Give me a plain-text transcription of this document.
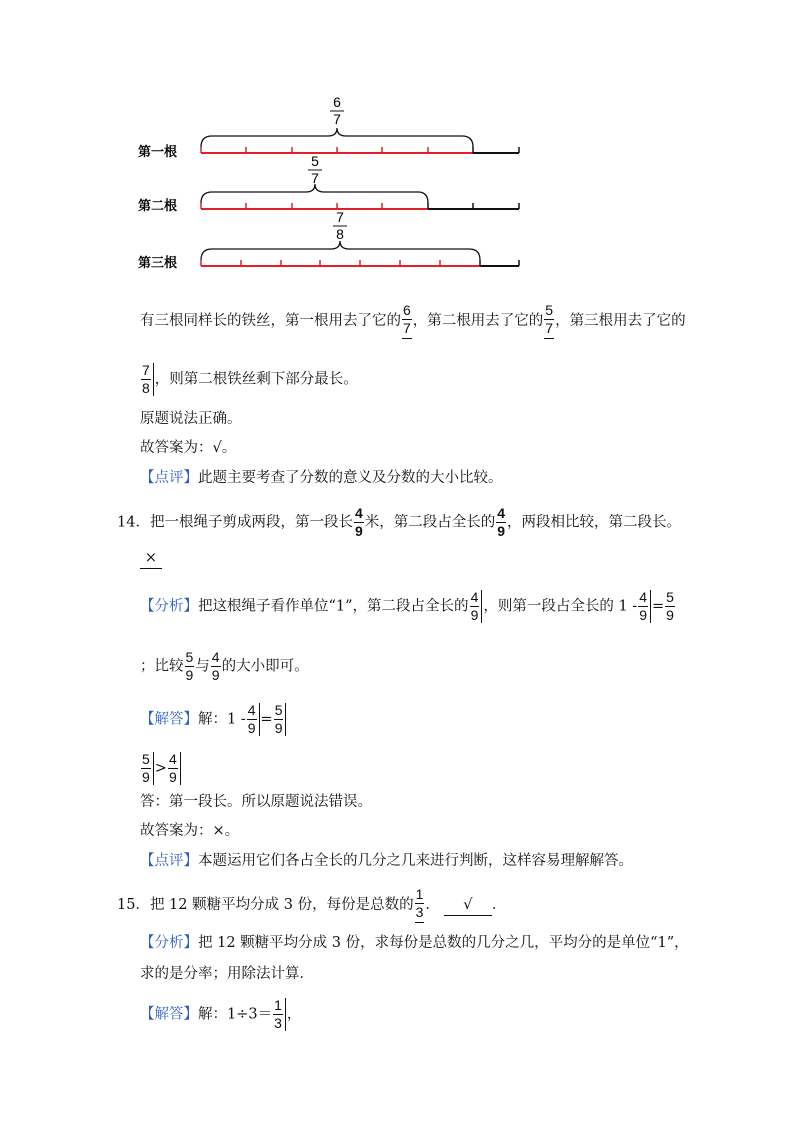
第一根
6
7
第二根
5
7
第三根
7
8
有三根同样长的铁丝，第一根用去了它的 $\frac{6}{7}$ ，第二根用去了它的 $\frac{5}{7}$ ，第三根用去了它的
$\frac{7}{8}$ ，则第二根铁丝剩下部分最长。
原题说法正确。
故答案为：√。
【点评】此题主要考查了分数的意义及分数的大小比较。
14．把一根绳子剪成两段，第一段长 $\frac{4}{9}$ 米，第二段占全长的 $\frac{4}{9}$ ，两段相比较，第二段长。
×
【分析】把这根绳子看作单位“1”，第二段占全长的 $\frac{4}{9}$ ，则第一段占全长的 $1 - \frac{4}{9} = \frac{5}{9}$
；比较 $\frac{5}{9}$ 与 $\frac{4}{9}$ 的大小即可。
【解答】解：$1 - \frac{4}{9} = \frac{5}{9}$
$\frac{5}{9} > \frac{4}{9}$
答：第一段长。所以原题说法错误。
故答案为：×。
【点评】本题运用它们各占全长的几分之几来进行判断，这样容易理解解答。
15．把 12 颗糖平均分成 3 份，每份是总数的 $\frac{1}{3}$ ． √ ．
【分析】把 12 颗糖平均分成 3 份，求每份是总数的几分之几，平均分的是单位“1”，
求的是分率；用除法计算．
【解答】解：$1\div 3= \frac{1}{3}$ ，
